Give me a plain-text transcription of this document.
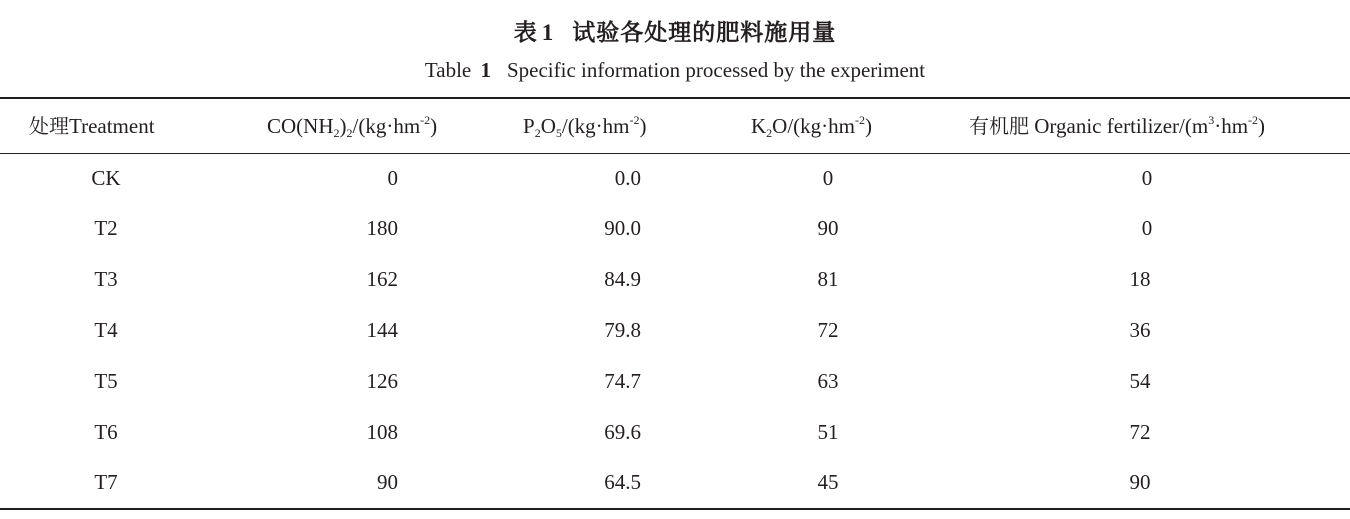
表 1 试验各处理的肥料施用量
Table 1 Specific information processed by the experiment
处理Treatment	$CO(NH_2)_2/(kg\cdot hm^{-2})$	$P_2O_5/(kg\cdot hm^{-2})$	$K_2O/(kg\cdot hm^{-2})$	有机肥 Organic fertilizer/$(m^3\cdot hm^{-2})$
CK	0	0.0	0	0
T2	180	90.0	90	0
T3	162	84.9	81	18
T4	144	79.8	72	36
T5	126	74.7	63	54
T6	108	69.6	51	72
T7	90	64.5	45	90
